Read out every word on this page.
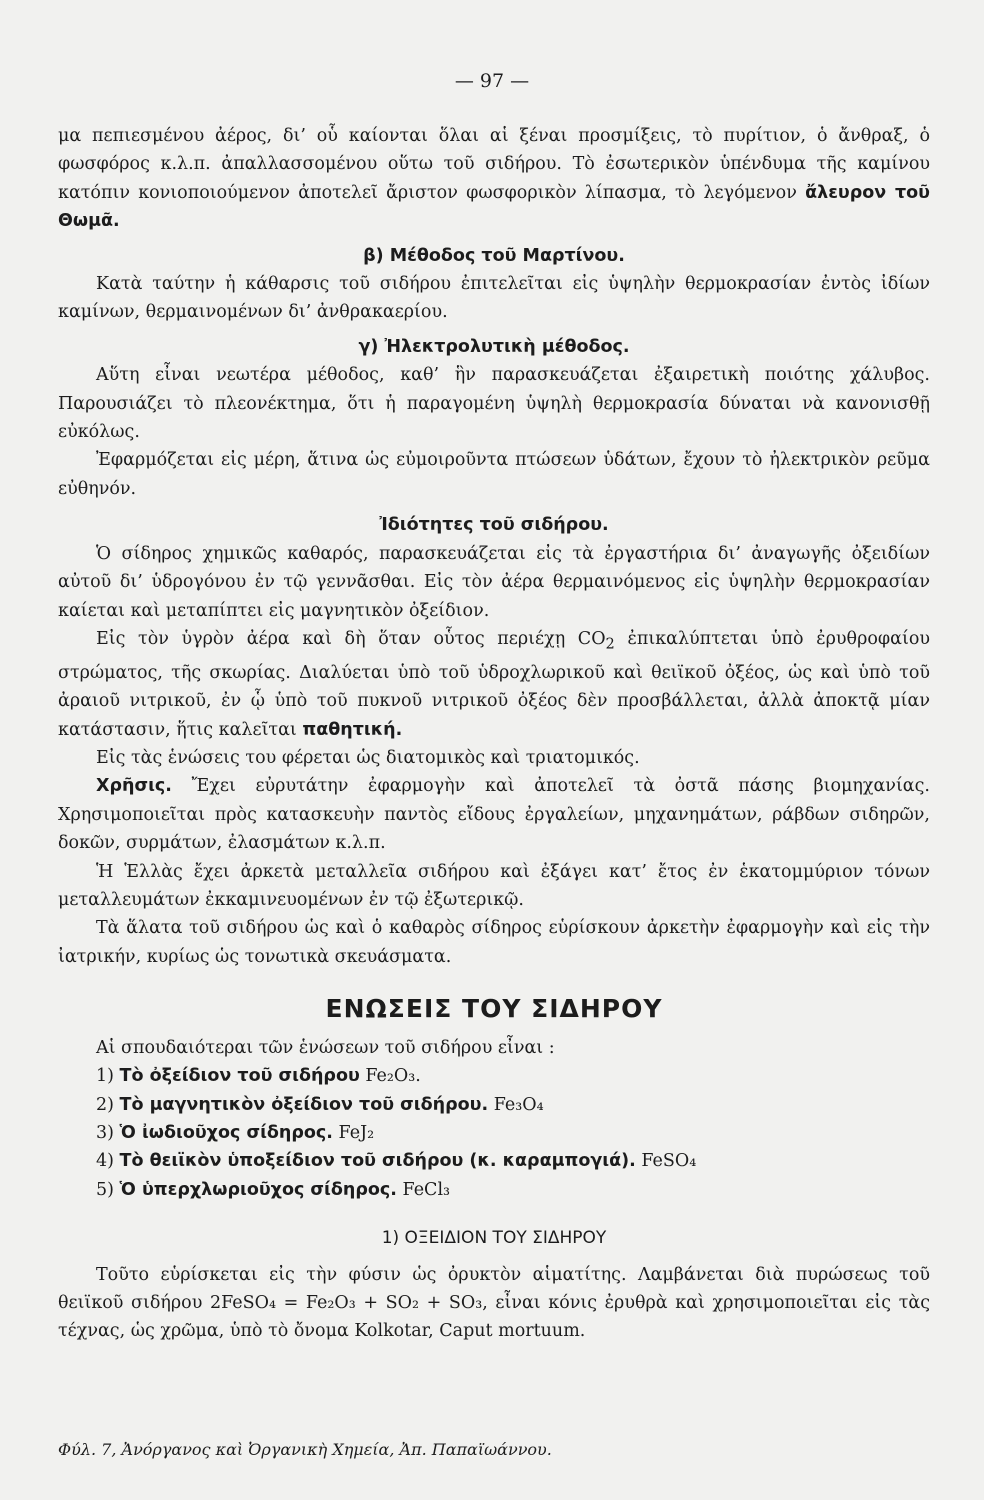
— 97 —

μα πεπιεσμένου ἀέρος, δι’ οὗ καίονται ὅλαι αἱ ξέναι προσμίξεις, τὸ πυρίτιον, ὁ ἄνθραξ, ὁ φωσφόρος κ.λ.π. ἀπαλλασσομένου οὕτω τοῦ σιδήρου. Τὸ ἐσωτερικὸν ὑπένδυμα τῆς καμίνου κατόπιν κονιοποιούμενον ἀποτελεῖ ἄριστον φωσφορικὸν λίπασμα, τὸ λεγόμενον ἄλευρον τοῦ Θωμᾶ.

β) Μέθοδος τοῦ Μαρτίνου.

Κατὰ ταύτην ἡ κάθαρσις τοῦ σιδήρου ἐπιτελεῖται εἰς ὑψηλὴν θερμοκρασίαν ἐντὸς ἰδίων καμίνων, θερμαινομένων δι’ ἀνθρακαερίου.

γ) Ἠλεκτρολυτικὴ μέθοδος.

Αὕτη εἶναι νεωτέρα μέθοδος, καθ’ ἣν παρασκευάζεται ἐξαιρετικὴ ποιότης χάλυβος. Παρουσιάζει τὸ πλεονέκτημα, ὅτι ἡ παραγομένη ὑψηλὴ θερμοκρασία δύναται νὰ κανονισθῇ εὐκόλως.

Ἐφαρμόζεται εἰς μέρη, ἅτινα ὡς εὐμοιροῦντα πτώσεων ὑδάτων, ἔχουν τὸ ἠλεκτρικὸν ρεῦμα εὐθηνόν.

Ἰδιότητες τοῦ σιδήρου.

Ὁ σίδηρος χημικῶς καθαρός, παρασκευάζεται εἰς τὰ ἐργαστήρια δι’ ἀναγωγῆς ὀξειδίων αὐτοῦ δι’ ὑδρογόνου ἐν τῷ γεννᾶσθαι. Εἰς τὸν ἀέρα θερμαινόμενος εἰς ὑψηλὴν θερμοκρασίαν καίεται καὶ μεταπίπτει εἰς μαγνητικὸν ὀξείδιον.

Εἰς τὸν ὑγρὸν ἀέρα καὶ δὴ ὅταν οὗτος περιέχῃ $CO_2$ ἐπικαλύπτεται ὑπὸ ἐρυθροφαίου στρώματος, τῆς σκωρίας. Διαλύεται ὑπὸ τοῦ ὑδροχλωρικοῦ καὶ θειϊκοῦ ὀξέος, ὡς καὶ ὑπὸ τοῦ ἀραιοῦ νιτρικοῦ, ἐν ᾧ ὑπὸ τοῦ πυκνοῦ νιτρικοῦ ὀξέος δὲν προσβάλλεται, ἀλλὰ ἀποκτᾷ μίαν κατάστασιν, ἥτις καλεῖται παθητική.

Εἰς τὰς ἑνώσεις του φέρεται ὡς διατομικὸς καὶ τριατομικός.

Χρῆσις. Ἔχει εὐρυτάτην ἐφαρμογὴν καὶ ἀποτελεῖ τὰ ὀστᾶ πάσης βιομηχανίας. Χρησιμοποιεῖται πρὸς κατασκευὴν παντὸς εἴδους ἐργαλείων, μηχανημάτων, ράβδων σιδηρῶν, δοκῶν, συρμάτων, ἐλασμάτων κ.λ.π.

Ἡ Ἑλλὰς ἔχει ἀρκετὰ μεταλλεῖα σιδήρου καὶ ἐξάγει κατ’ ἔτος ἐν ἑκατομμύριον τόνων μεταλλευμάτων ἐκκαμινευομένων ἐν τῷ ἐξωτερικῷ.

Τὰ ἅλατα τοῦ σιδήρου ὡς καὶ ὁ καθαρὸς σίδηρος εὑρίσκουν ἀρκετὴν ἐφαρμογὴν καὶ εἰς τὴν ἰατρικήν, κυρίως ὡς τονωτικὰ σκευάσματα.

ΕΝΩΣΕΙΣ ΤΟΥ ΣΙΔΗΡΟΥ

Αἱ σπουδαιότεραι τῶν ἑνώσεων τοῦ σιδήρου εἶναι :

1) Τὸ ὀξείδιον τοῦ σιδήρου Fe₂O₃.

2) Τὸ μαγνητικὸν ὀξείδιον τοῦ σιδήρου. Fe₃O₄

3) Ὁ ἰωδιοῦχος σίδηρος. FeJ₂

4) Τὸ θειϊκὸν ὑποξείδιον τοῦ σιδήρου (κ. καραμπογιά). FeSO₄

5) Ὁ ὑπερχλωριοῦχος σίδηρος. FeCl₃

1) ΟΞΕΙΔΙΟΝ ΤΟΥ ΣΙΔΗΡΟΥ

Τοῦτο εὑρίσκεται εἰς τὴν φύσιν ὡς ὀρυκτὸν αἱματίτης. Λαμβάνεται διὰ πυρώσεως τοῦ θειϊκοῦ σιδήρου 2FeSO₄ = Fe₂O₃ + SO₂ + SO₃, εἶναι κόνις ἐρυθρὰ καὶ χρησιμοποιεῖται εἰς τὰς τέχνας, ὡς χρῶμα, ὑπὸ τὸ ὄνομα Kolkotar, Caput mortuum.

Φύλ. 7, Ἀνόργανος καὶ Ὀργανικὴ Χημεία, Ἀπ. Παπαϊωάννου.
